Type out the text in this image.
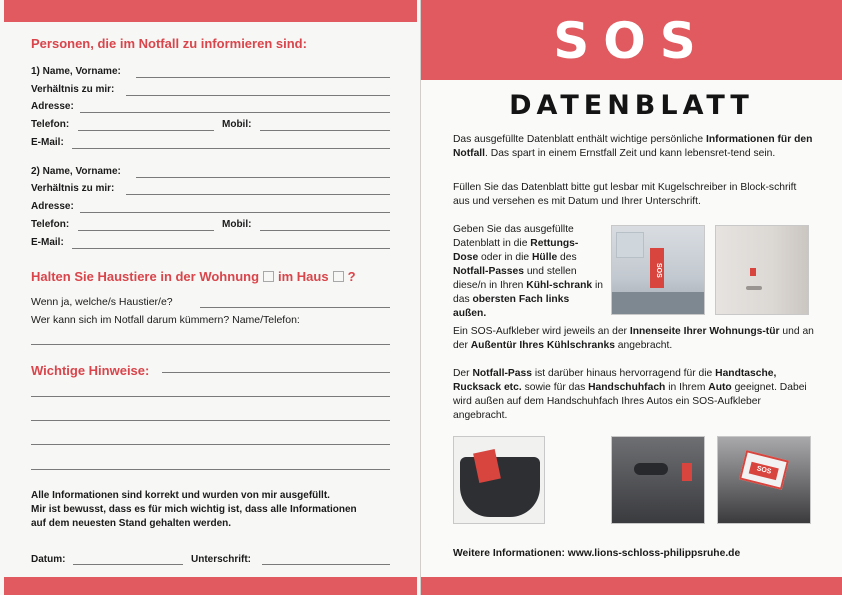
Personen, die im Notfall zu informieren sind:
1) Name, Vorname:
Verhältnis zu mir:
Adresse:
Telefon:	Mobil:
E-Mail:
2) Name, Vorname:
Verhältnis zu mir:
Adresse:
Telefon:	Mobil:
E-Mail:
Halten Sie Haustiere in der Wohnung im Haus ?
Wenn ja, welche/s Haustier/e?
Wer kann sich im Notfall darum kümmern? Name/Telefon:
Wichtige Hinweise:
Alle Informationen sind korrekt und wurden von mir ausgefüllt.
Mir ist bewusst, dass es für mich wichtig ist, dass alle Informationen
auf dem neuesten Stand gehalten werden.
Datum:	Unterschrift:
SOS
DATENBLATT
Das ausgefüllte Datenblatt enthält wichtige persönliche Informationen für den Notfall. Das spart in einem Ernstfall Zeit und kann lebensret-tend sein.
Füllen Sie das Datenblatt bitte gut lesbar mit Kugelschreiber in Block-schrift aus und versehen es mit Datum und Ihrer Unterschrift.
Geben Sie das ausgefüllte Datenblatt in die Rettungs-Dose oder in die Hülle des Notfall-Passes und stellen diese/n in Ihren Kühl-schrank in das obersten Fach links außen.
SOS
Ein SOS-Aufkleber wird jeweils an der Innenseite Ihrer Wohnungs-tür und an der Außentür Ihres Kühlschranks angebracht.
Der Notfall-Pass ist darüber hinaus hervorragend für die Handtasche, Rucksack etc. sowie für das Handschuhfach in Ihrem Auto geeignet. Dabei wird außen auf dem Handschuhfach Ihres Autos ein SOS-Aufkleber angebracht.
SOS
Weitere Informationen: www.lions-schloss-philippsruhe.de
